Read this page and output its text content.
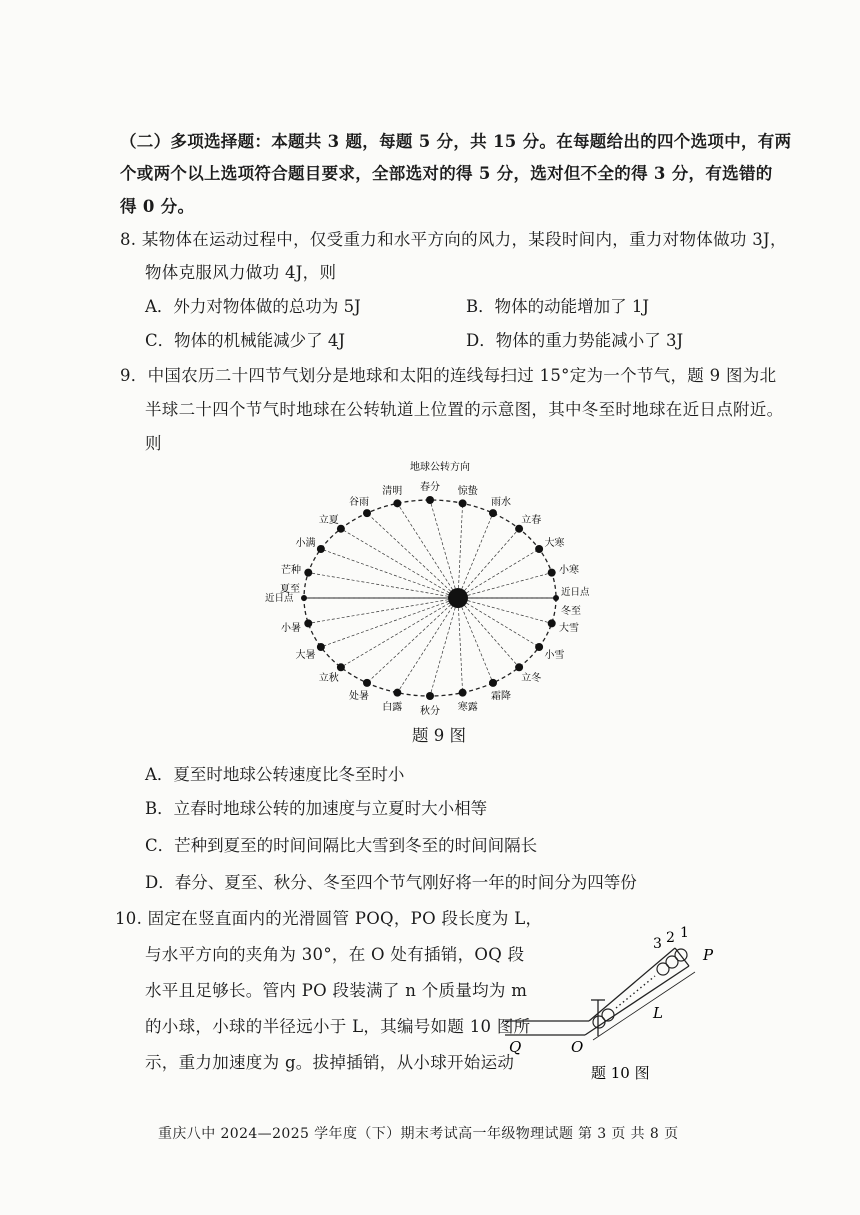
（二）多项选择题：本题共 3 题，每题 5 分，共 15 分。在每题给出的四个选项中，有两
个或两个以上选项符合题目要求，全部选对的得 5 分，选对但不全的得 3 分，有选错的
得 0 分。
8. 某物体在运动过程中，仅受重力和水平方向的风力，某段时间内，重力对物体做功 3J，
物体克服风力做功 4J，则
A．外力对物体做的总功为 5J	B．物体的动能增加了 1J
C．物体的机械能减少了 4J	D．物体的重力势能减小了 3J
9．中国农历二十四节气划分是地球和太阳的连线每扫过 15°定为一个节气，题 9 图为北
半球二十四个节气时地球在公转轨道上位置的示意图，其中冬至时地球在近日点附近。
则
地球公转方向
冬至
小寒
大寒
立春
雨水
惊蛰
春分
清明
谷雨
立夏
小满
芒种
夏至
小暑
大暑
立秋
处暑
白露 秋分 寒露
霜降
立冬
小雪
大雪
近日点
近日点
题 9 图
A．夏至时地球公转速度比冬至时小
B．立春时地球公转的加速度与立夏时大小相等
C．芒种到夏至的时间间隔比大雪到冬至的时间间隔长
D．春分、夏至、秋分、冬至四个节气刚好将一年的时间分为四等份
10. 固定在竖直面内的光滑圆管 POQ，PO 段长度为 L，
与水平方向的夹角为 30°，在 O 处有插销，OQ 段
水平且足够长。管内 PO 段装满了 n 个质量均为 m
的小球，小球的半径远小于 L，其编号如题 10 图所
示，重力加速度为 g。拔掉插销，从小球开始运动
3 2 1
P
L
O
Q
题 10 图
重庆八中 2024—2025 学年度（下）期末考试高一年级物理试题 第 3 页 共 8 页
